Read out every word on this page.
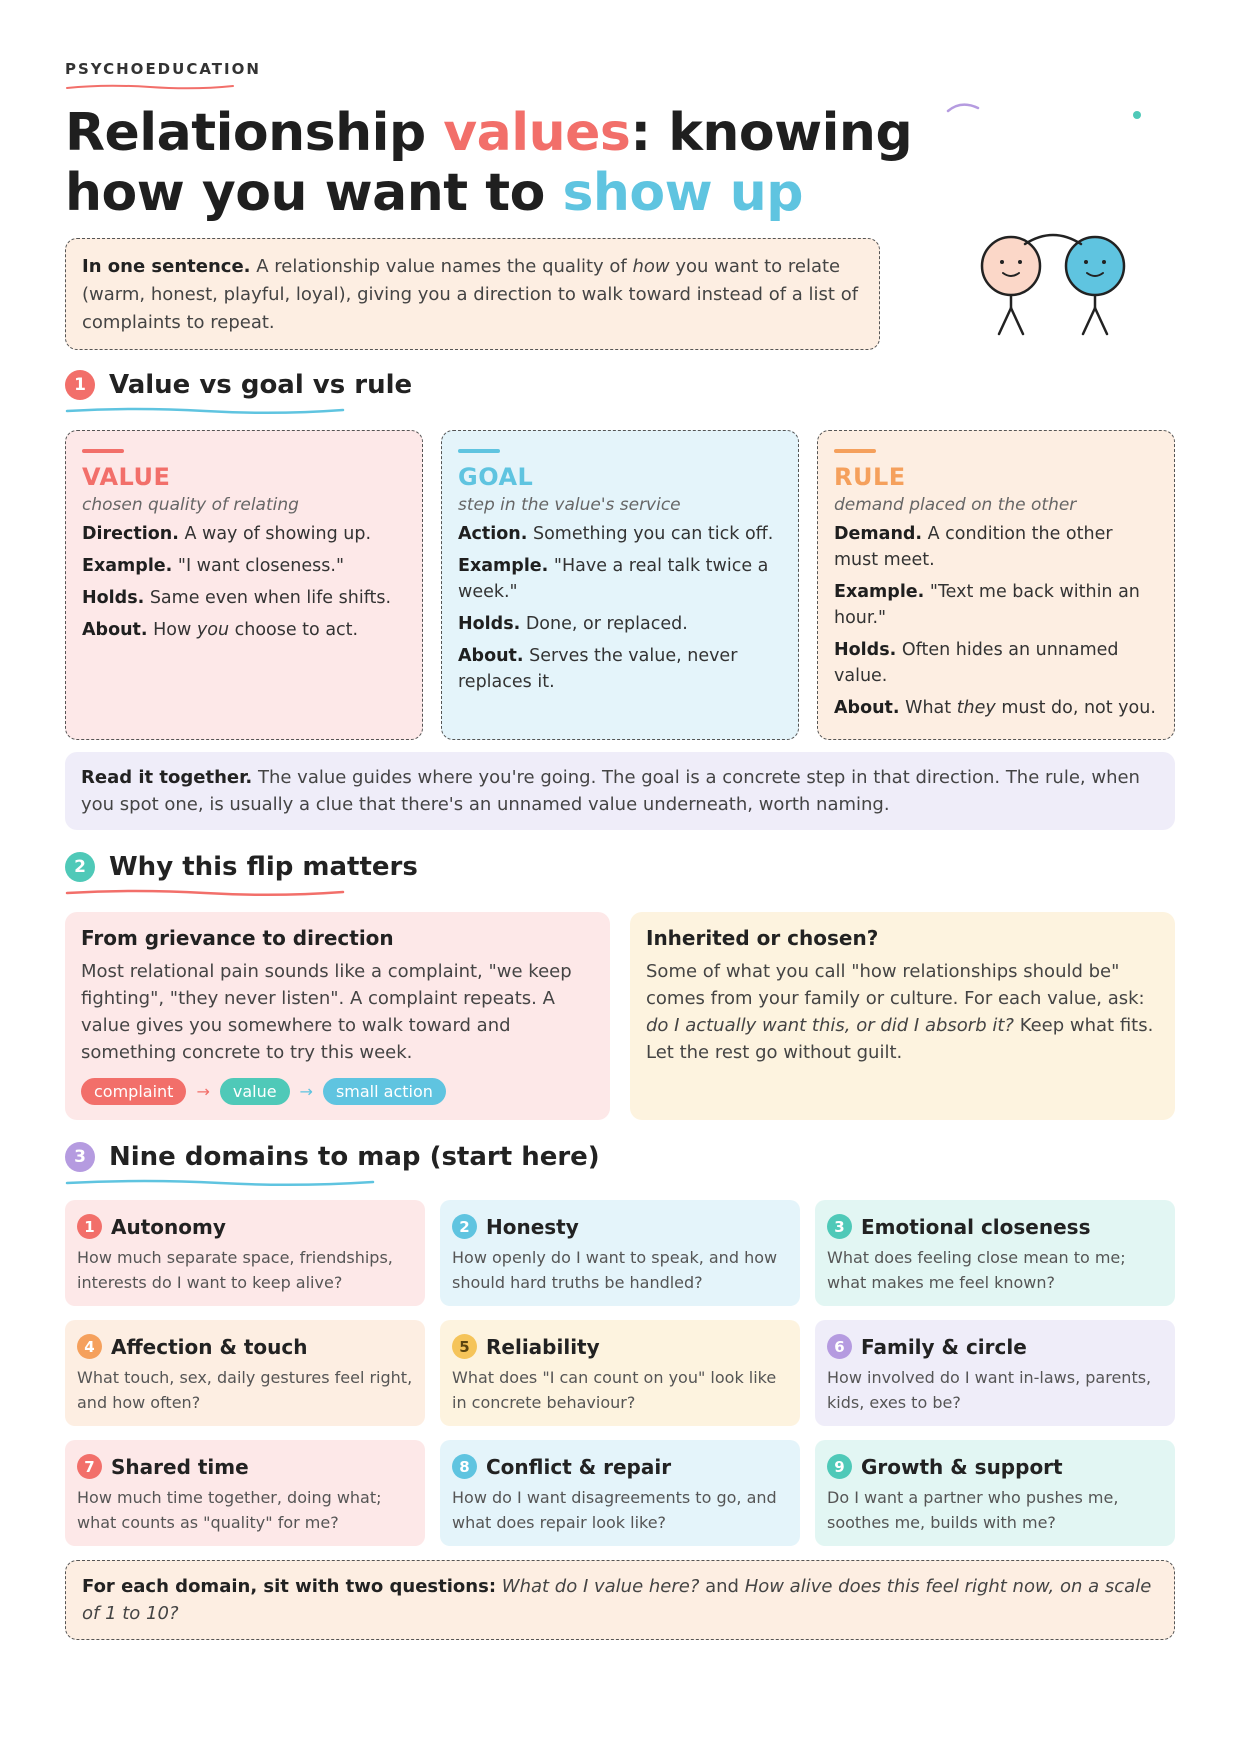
PSYCHOEDUCATION
Relationship values: knowing how you want to show up
In one sentence. A relationship value names the quality of how you want to relate (warm, honest, playful, loyal), giving you a direction to walk toward instead of a list of complaints to repeat.
1 Value vs goal vs rule
VALUE
chosen quality of relating
Direction. A way of showing up.
Example. "I want closeness."
Holds. Same even when life shifts.
About. How you choose to act.
GOAL
step in the value's service
Action. Something you can tick off.
Example. "Have a real talk twice a week."
Holds. Done, or replaced.
About. Serves the value, never replaces it.
RULE
demand placed on the other
Demand. A condition the other must meet.
Example. "Text me back within an hour."
Holds. Often hides an unnamed value.
About. What they must do, not you.
Read it together. The value guides where you're going. The goal is a concrete step in that direction. The rule, when you spot one, is usually a clue that there's an unnamed value underneath, worth naming.
2 Why this flip matters
From grievance to direction
Most relational pain sounds like a complaint, "we keep fighting", "they never listen". A complaint repeats. A value gives you somewhere to walk toward and something concrete to try this week.
complaint	→	value	→	small action
Inherited or chosen?
Some of what you call "how relationships should be" comes from your family or culture. For each value, ask: do I actually want this, or did I absorb it? Keep what fits. Let the rest go without guilt.
3 Nine domains to map (start here)
1 Autonomy
How much separate space, friendships, interests do I want to keep alive?
2 Honesty
How openly do I want to speak, and how should hard truths be handled?
3 Emotional closeness
What does feeling close mean to me; what makes me feel known?
4 Affection & touch
What touch, sex, daily gestures feel right, and how often?
5 Reliability
What does "I can count on you" look like in concrete behaviour?
6 Family & circle
How involved do I want in-laws, parents, kids, exes to be?
7 Shared time
How much time together, doing what; what counts as "quality" for me?
8 Conflict & repair
How do I want disagreements to go, and what does repair look like?
9 Growth & support
Do I want a partner who pushes me, soothes me, builds with me?
For each domain, sit with two questions: What do I value here? and How alive does this feel right now, on a scale of 1 to 10?
